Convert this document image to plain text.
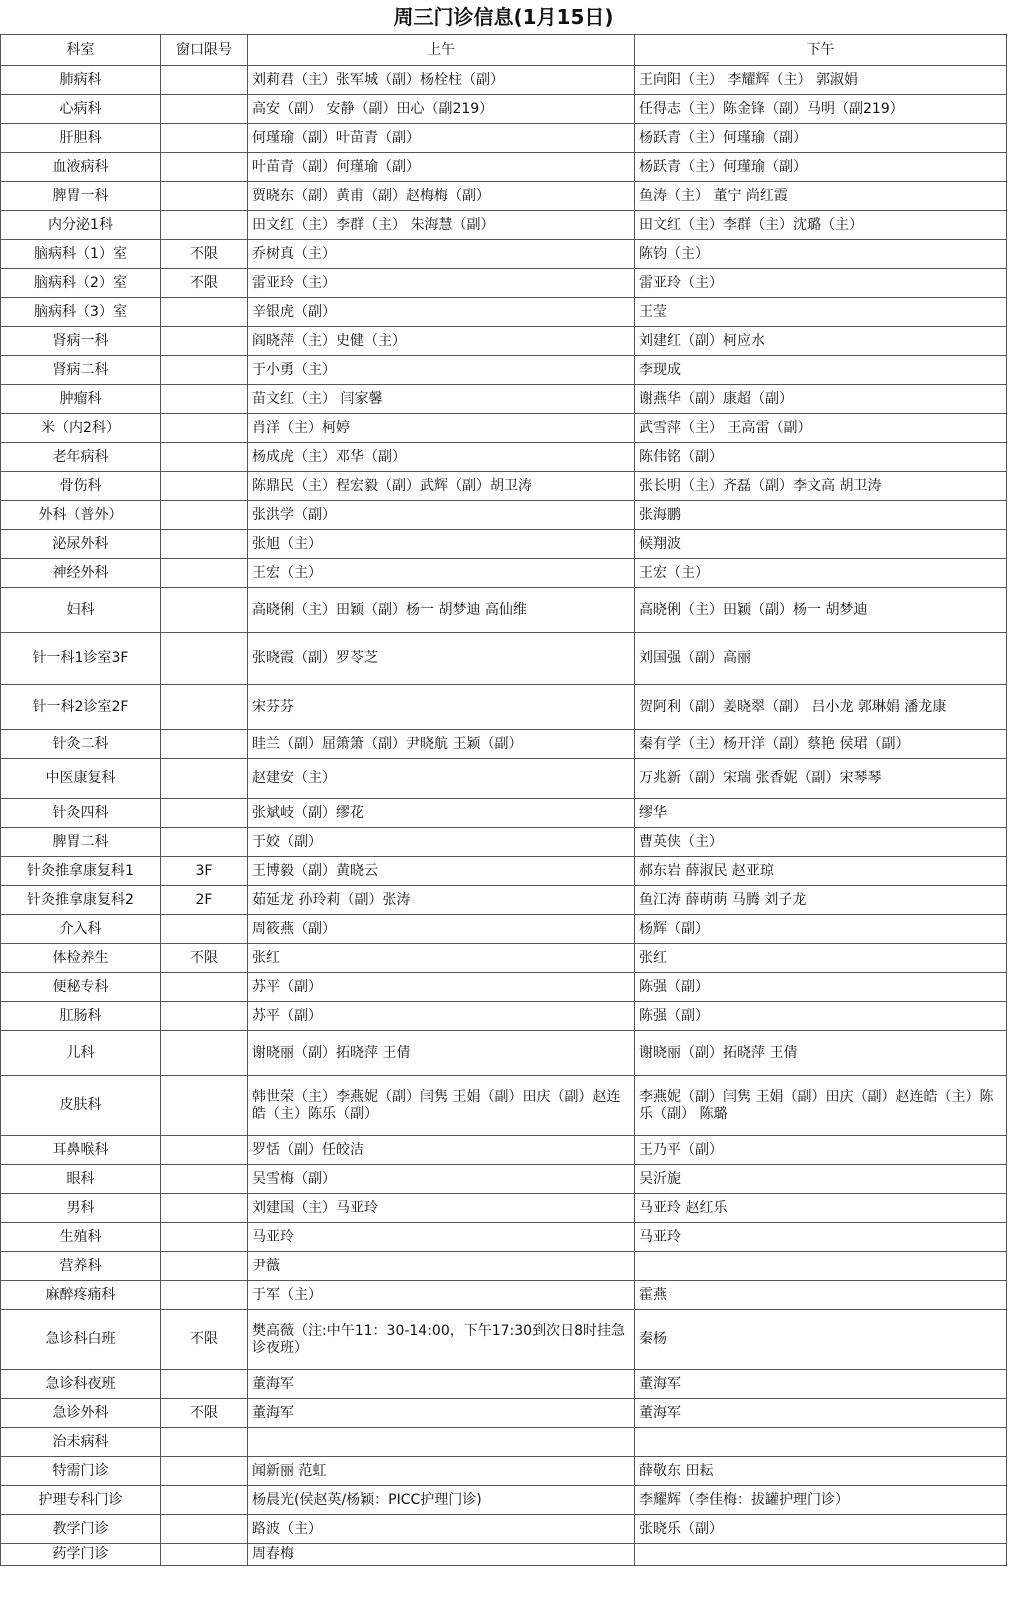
周三门诊信息(1月15日)			
科室	窗口限号	上午	下午
肺病科		刘莉君（主）张军城（副）杨栓柱（副）	王向阳（主） 李耀辉（主） 郭淑娟
心病科		高安（副） 安静（副）田心（副219）	任得志（主）陈金锋（副）马明（副219）
肝胆科		何瑾瑜（副）叶苗青（副）	杨跃青（主）何瑾瑜（副）
血液病科		叶苗青（副）何瑾瑜（副）	杨跃青（主）何瑾瑜（副）
脾胃一科		贾晓东（副）黄甫（副）赵梅梅（副）	鱼涛（主） 董宁 尚红霞
内分泌1科		田文红（主）李群（主） 朱海慧（副）	田文红（主）李群（主）沈璐（主）
脑病科（1）室	不限	乔树真（主）	陈钧（主）
脑病科（2）室	不限	雷亚玲（主）	雷亚玲（主）
脑病科（3）室		辛银虎（副）	王莹
肾病一科		阎晓萍（主）史健（主）	刘建红（副）柯应水
肾病二科		于小勇（主）	李现成
肿瘤科		苗文红（主） 闫家馨	谢燕华（副）康超（副）
米（内2科）		肖洋（主）柯婷	武雪萍（主） 王高雷（副）
老年病科		杨成虎（主）邓华（副）	陈伟铭（副）
骨伤科		陈鼎民（主）程宏毅（副）武辉（副）胡卫涛	张长明（主）齐磊（副）李文高 胡卫涛
外科（普外）		张洪学（副）	张海鹏
泌尿外科		张旭（主）	候翔波
神经外科		王宏（主）	王宏（主）
妇科		高晓俐（主）田颖（副）杨一 胡梦迪 高仙维	高晓俐（主）田颖（副）杨一 胡梦迪
针一科1诊室3F		张晓霞（副）罗苓芝	刘国强（副）高丽
针一科2诊室2F		宋芬芬	贺阿利（副）姜晓翠（副） 吕小龙 郭琳娟 潘龙康
针灸二科		眭兰（副）屈箫箫（副）尹晓航 王颖（副）	秦有学（主）杨开洋（副）蔡艳 侯珺（副）
中医康复科		赵建安（主）	万兆新（副）宋瑞 张香妮（副）宋琴琴
针灸四科		张斌岐（副）缪花	缪华
脾胃二科		于姣（副）	曹英侠（主）
针灸推拿康复科1	3F	王博毅（副）黄晓云	郝东岩 薛淑民 赵亚琼
针灸推拿康复科2	2F	茹延龙 孙玲莉（副）张涛	鱼江涛 薛萌萌 马腾 刘子龙
介入科		周筱燕（副）	杨辉（副）
体检养生	不限	张红	张红
便秘专科		苏平（副）	陈强（副）
肛肠科		苏平（副）	陈强（副）
儿科		谢晓丽（副）拓晓萍 王倩	谢晓丽（副）拓晓萍 王倩
皮肤科		韩世荣（主）李燕妮（副）闫隽 王娟（副）田庆（副）赵连皓（主）陈乐（副）	李燕妮（副）闫隽 王娟（副）田庆（副）赵连皓（主）陈乐（副） 陈璐
耳鼻喉科		罗恬（副）任皎洁	王乃平（副）
眼科		吴雪梅（副）	吴沂旎
男科		刘建国（主）马亚玲	马亚玲 赵红乐
生殖科		马亚玲	马亚玲
营养科		尹薇	
麻醉疼痛科		于军（主）	霍燕
急诊科白班	不限	樊高薇（注:中午11：30-14:00，下午17:30到次日8时挂急诊夜班）	秦杨
急诊科夜班		董海军	董海军
急诊外科	不限	董海军	董海军
治未病科			
特需门诊		闻新丽 范虹	薛敬东 田耘
护理专科门诊		杨晨光(侯赵英/杨颖：PICC护理门诊)	李耀辉（李佳梅：拔罐护理门诊）
教学门诊		路波（主）	张晓乐（副）
药学门诊		周春梅	
